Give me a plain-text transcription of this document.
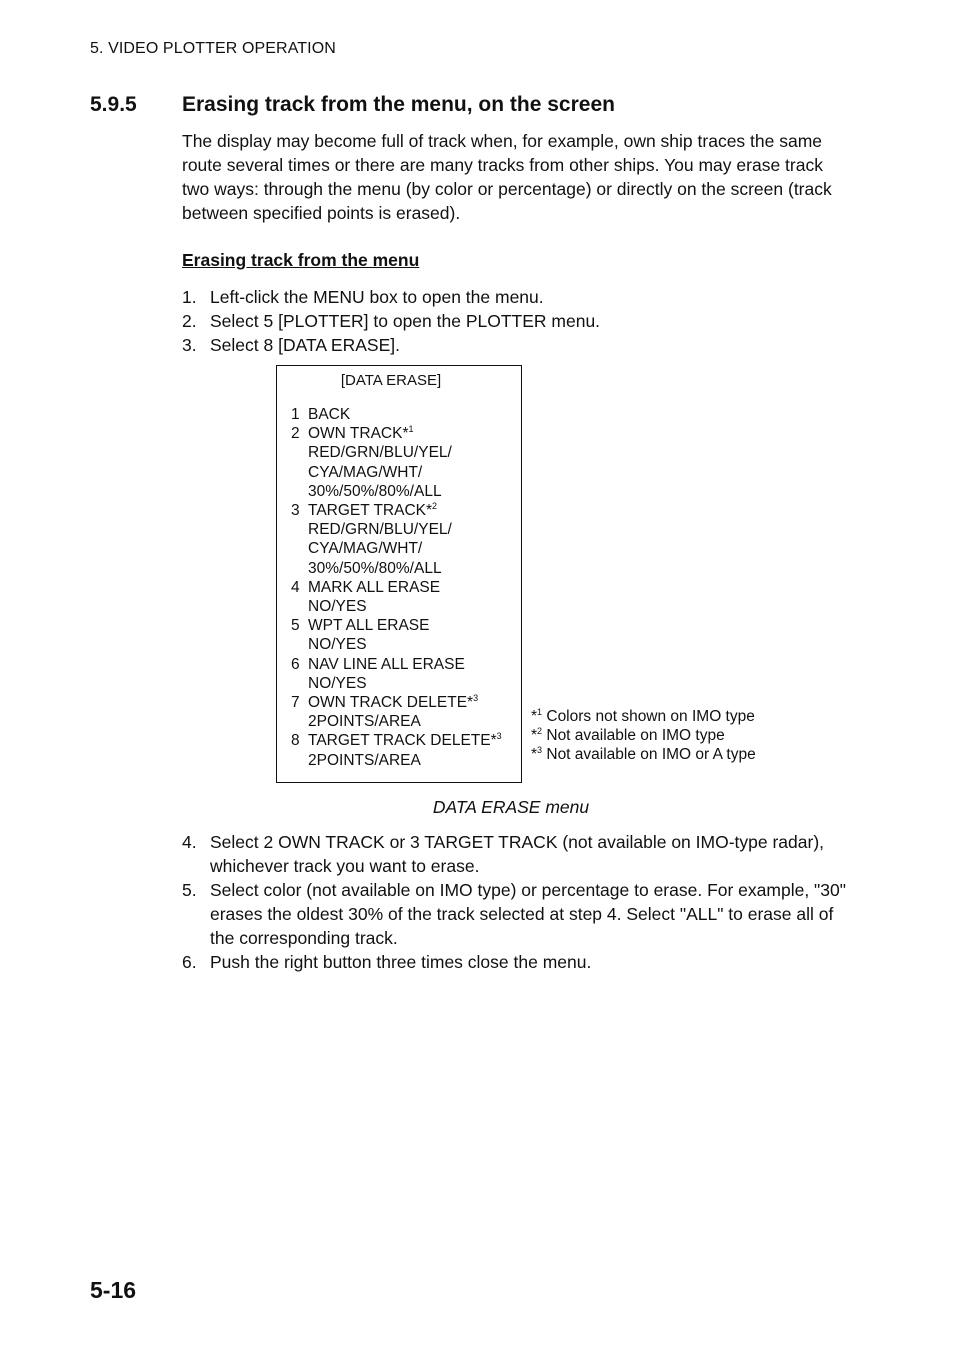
5. VIDEO PLOTTER OPERATION
5.9.5 Erasing track from the menu, on the screen

The display may become full of track when, for example, own ship traces the same route several times or there are many tracks from other ships. You may erase track two ways: through the menu (by color or percentage) or directly on the screen (track between specified points is erased).

Erasing track from the menu
1. Left-click the MENU box to open the menu.
2. Select 5 [PLOTTER] to open the PLOTTER menu.
3. Select 8 [DATA ERASE].
[DATA ERASE]
1 BACK
2 OWN TRACK*$^1$
RED/GRN/BLU/YEL/
CYA/MAG/WHT/
30%/50%/80%/ALL
3 TARGET TRACK*$^2$
RED/GRN/BLU/YEL/
CYA/MAG/WHT/
30%/50%/80%/ALL
4 MARK ALL ERASE
NO/YES
5 WPT ALL ERASE
NO/YES
6 NAV LINE ALL ERASE
NO/YES
7 OWN TRACK DELETE*$^3$
2POINTS/AREA
8 TARGET TRACK DELETE*$^3$
2POINTS/AREA
*$^1$ Colors not shown on IMO type
*$^2$ Not available on IMO type
*$^3$ Not available on IMO or A type
DATA ERASE menu
4. Select 2 OWN TRACK or 3 TARGET TRACK (not available on IMO-type radar), whichever track you want to erase.
5. Select color (not available on IMO type) or percentage to erase. For example, "30" erases the oldest 30% of the track selected at step 4. Select "ALL" to erase all of the corresponding track.
6. Push the right button three times close the menu.
5-16
